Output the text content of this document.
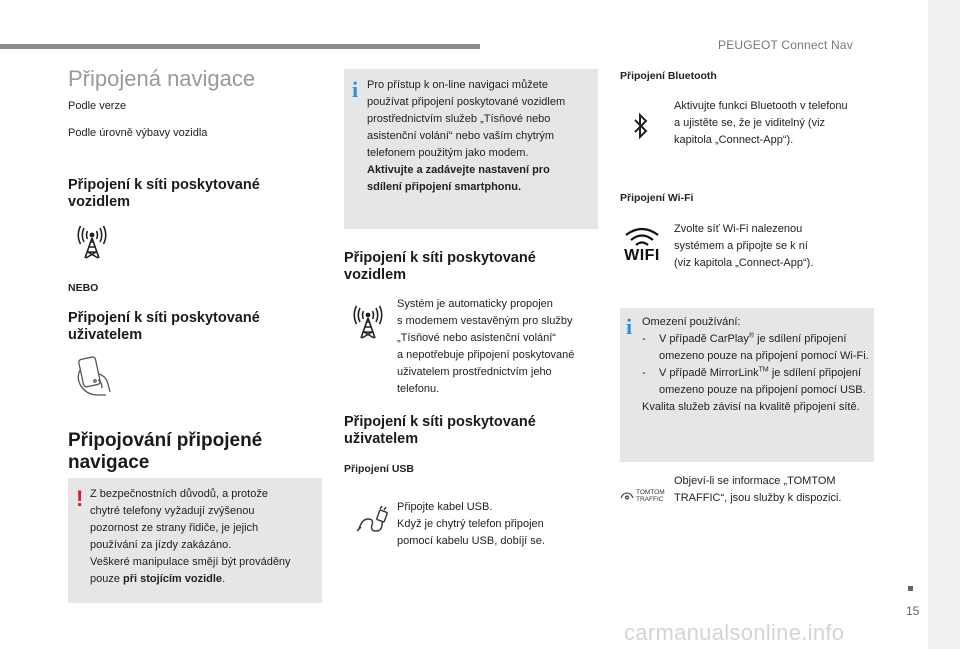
PEUGEOT Connect Nav
15
carmanualsonline.info
Připojená navigace
Podle verze
Podle úrovně výbavy vozidla
Připojení k síti poskytované vozidlem
NEBO
Připojení k síti poskytované uživatelem
Připojování připojené navigace
! Z bezpečnostních důvodů, a protože
chytré telefony vyžadují zvýšenou
pozornost ze strany řidiče, je jejich
používání za jízdy zakázáno.
Veškeré manipulace smějí být prováděny
pouze při stojícím vozidle.
i Pro přístup k on-line navigaci můžete
používat připojení poskytované vozidlem
prostřednictvím služeb „Tísňové nebo
asistenční volání“ nebo vaším chytrým
telefonem použitým jako modem.
Aktivujte a zadávejte nastavení pro
sdílení připojení smartphonu.
Připojení k síti poskytované vozidlem
Systém je automaticky propojen
s modemem vestavěným pro služby
„Tísňové nebo asistenční volání“
a nepotřebuje připojení poskytované
uživatelem prostřednictvím jeho
telefonu.
Připojení k síti poskytované uživatelem
Připojení USB
Připojte kabel USB.
Když je chytrý telefon připojen
pomocí kabelu USB, dobíjí se.
Připojení Bluetooth
Aktivujte funkci Bluetooth v telefonu
a ujistěte se, že je viditelný (viz
kapitola „Connect-App“).
Připojení Wi-Fi
WIFI
Zvolte síť Wi-Fi nalezenou
systémem a připojte se k ní
(viz kapitola „Connect-App“).
i Omezení používání:
- V případě CarPlay® je sdílení připojení omezeno pouze na připojení pomocí Wi-Fi.
- V případě MirrorLink™ je sdílení připojení omezeno pouze na připojení pomocí USB.
Kvalita služeb závisí na kvalitě připojení sítě.
TOMTOM
TRAFFIC
Objeví-li se informace „TOMTOM
TRAFFIC“, jsou služby k dispozici.
